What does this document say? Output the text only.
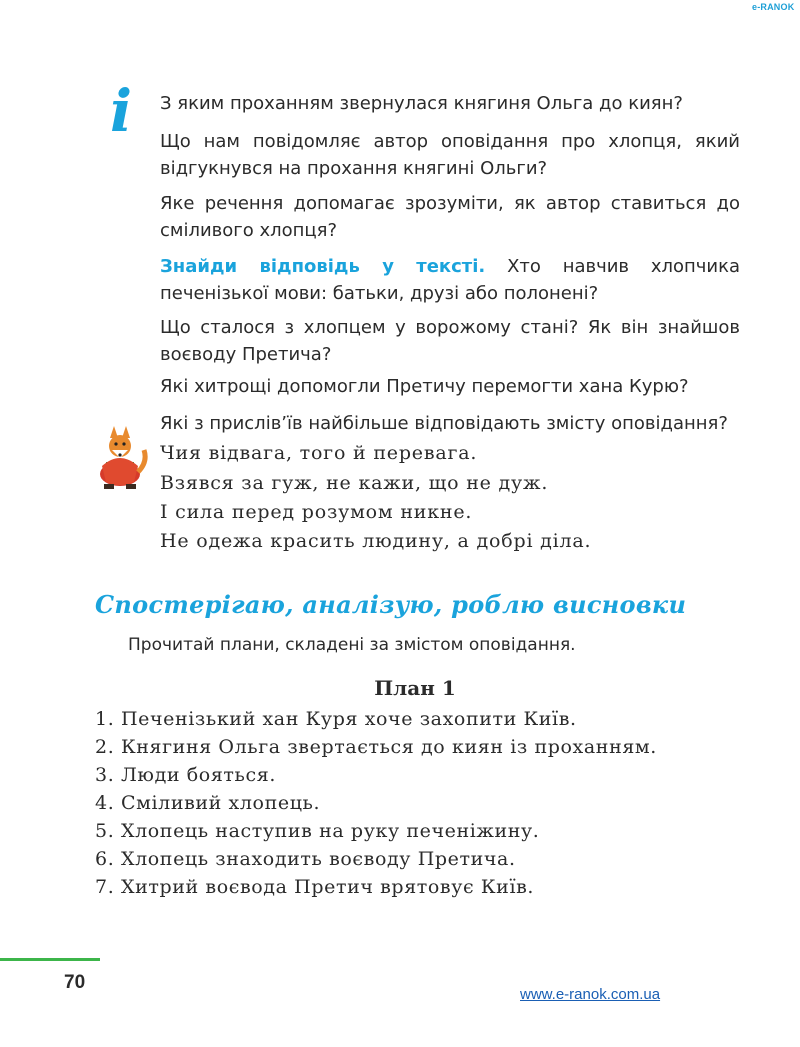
e-RANOK
i З яким проханням звернулася княгиня Ольга до киян?

Що нам повідомляє автор оповідання про хлопця, який відгукнувся на прохання княгині Ольги?

Яке речення допомагає зрозуміти, як автор ставиться до сміливого хлопця?

Знайди відповідь у тексті. Хто навчив хлопчика печенізької мови: батьки, друзі або полонені?

Що сталося з хлопцем у ворожому стані? Як він знайшов воєводу Претича?

Які хитрощі допомогли Претичу перемогти хана Курю?

Які з прислів’їв найбільше відповідають змісту оповідання?

Чия відвага, того й перевага.

Взявся за гуж, не кажи, що не дуж.

І сила перед розумом никне.

Не одежа красить людину, а добрі діла.

Спостерігаю, аналізую, роблю висновки

Прочитай плани, складені за змістом оповідання.

План 1
1. Печенізький хан Куря хоче захопити Київ.
2. Княгиня Ольга звертається до киян із проханням.
3. Люди бояться.
4. Сміливий хлопець.
5. Хлопець наступив на руку печеніжину.
6. Хлопець знаходить воєводу Претича.
7. Хитрий воєвода Претич врятовує Київ.

70

www.e-ranok.com.ua
